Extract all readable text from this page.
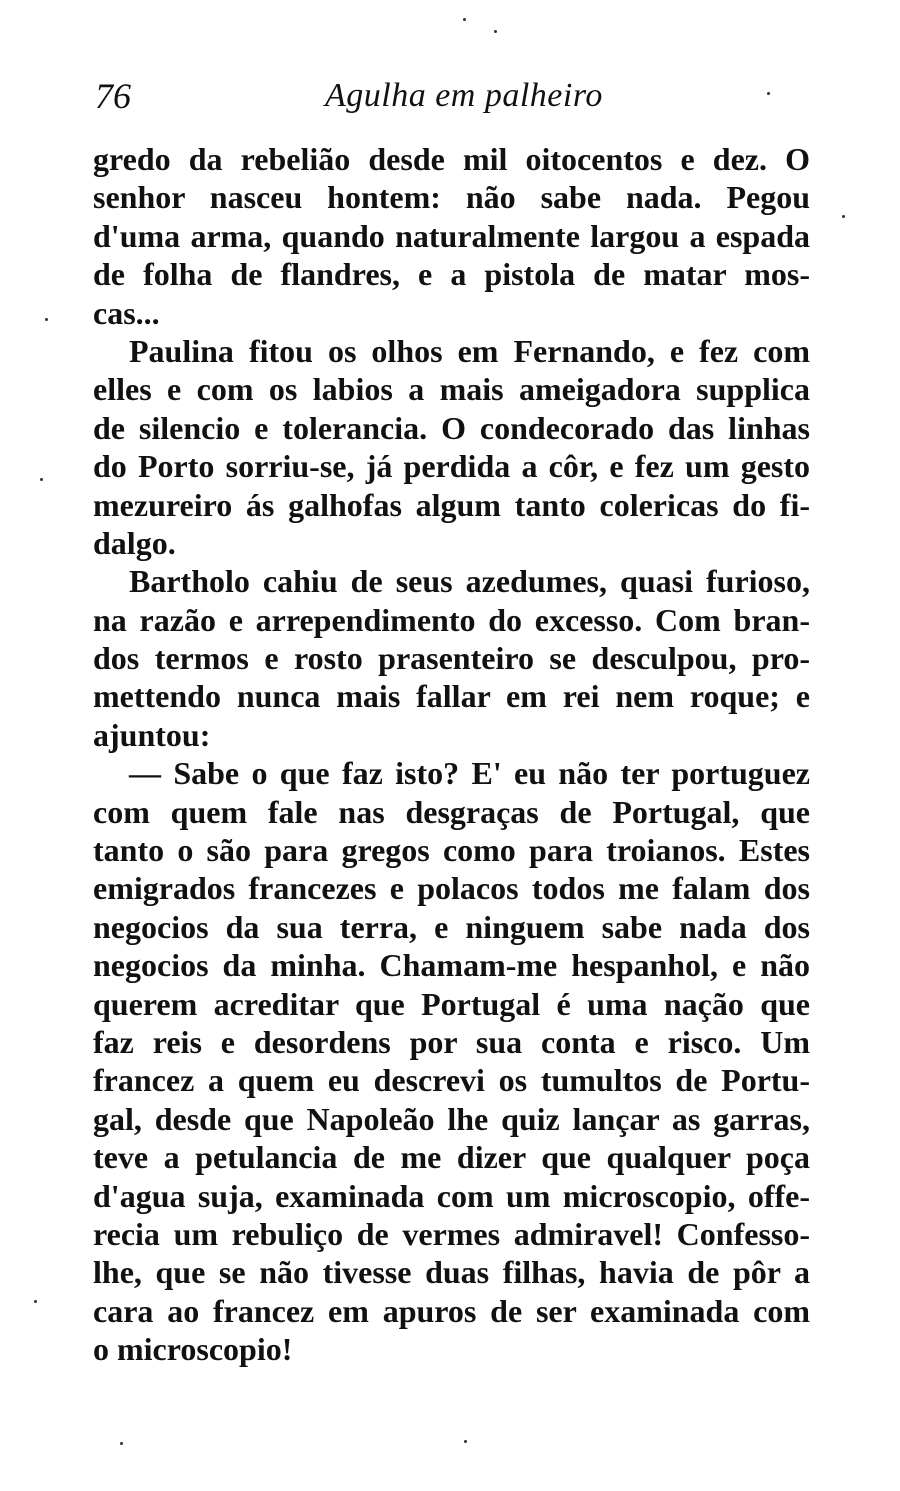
76	Agulha em palheiro
gredo da rebelião desde mil oitocentos e dez. O
senhor nasceu hontem: não sabe nada. Pegou
d'uma arma, quando naturalmente largou a espada
de folha de flandres, e a pistola de matar mos-
cas...
Paulina fitou os olhos em Fernando, e fez com
elles e com os labios a mais ameigadora supplica
de silencio e tolerancia. O condecorado das linhas
do Porto sorriu-se, já perdida a côr, e fez um gesto
mezureiro ás galhofas algum tanto colericas do fi-
dalgo.
Bartholo cahiu de seus azedumes, quasi furioso,
na razão e arrependimento do excesso. Com bran-
dos termos e rosto prasenteiro se desculpou, pro-
mettendo nunca mais fallar em rei nem roque; e
ajuntou:
— Sabe o que faz isto? E' eu não ter portuguez
com quem fale nas desgraças de Portugal, que
tanto o são para gregos como para troianos. Estes
emigrados francezes e polacos todos me falam dos
negocios da sua terra, e ninguem sabe nada dos
negocios da minha. Chamam-me hespanhol, e não
querem acreditar que Portugal é uma nação que
faz reis e desordens por sua conta e risco. Um
francez a quem eu descrevi os tumultos de Portu-
gal, desde que Napoleão lhe quiz lançar as garras,
teve a petulancia de me dizer que qualquer poça
d'agua suja, examinada com um microscopio, offe-
recia um rebuliço de vermes admiravel! Confesso-
lhe, que se não tivesse duas filhas, havia de pôr a
cara ao francez em apuros de ser examinada com
o microscopio!
